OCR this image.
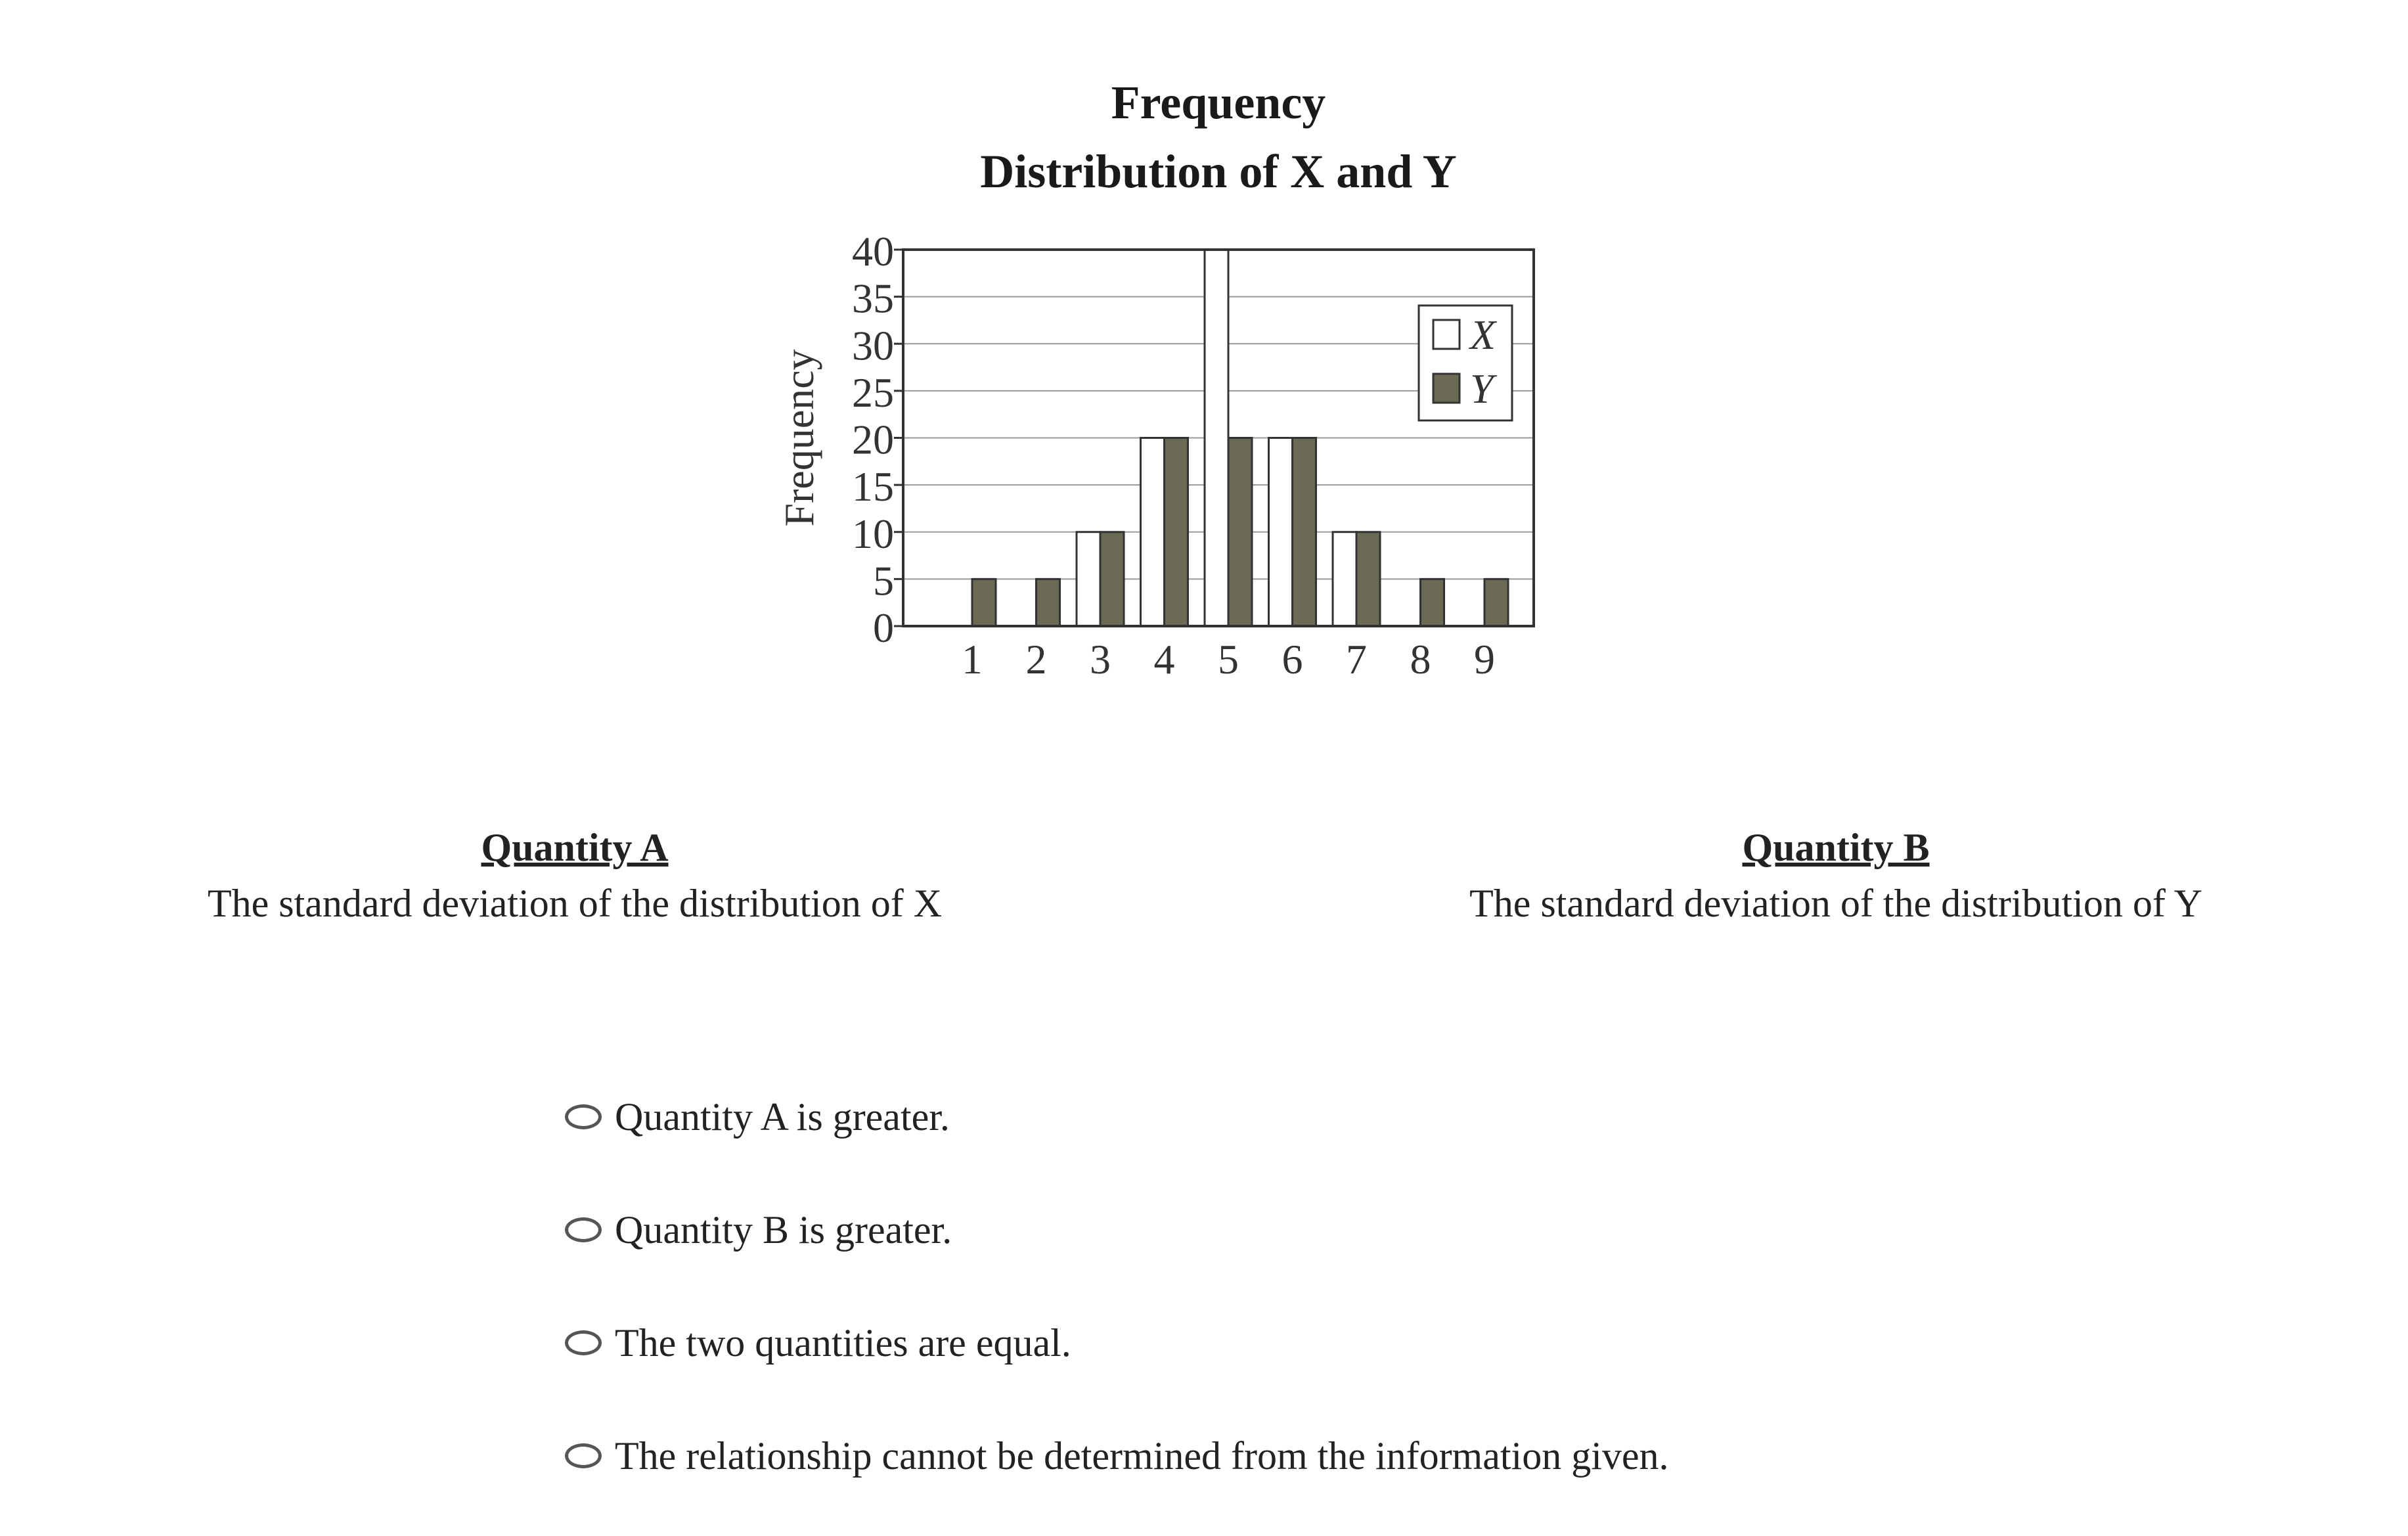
Frequency
Distribution of X and Y
1 2 3 4 5 6 7 8 9
0
5
10
15
20
25
30
35
40
Frequency
X
Y
Quantity A
The standard deviation of the distribution of X
Quantity B
The standard deviation of the distribution of Y
Quantity A is greater.
Quantity B is greater.
The two quantities are equal.
The relationship cannot be determined from the information given.
